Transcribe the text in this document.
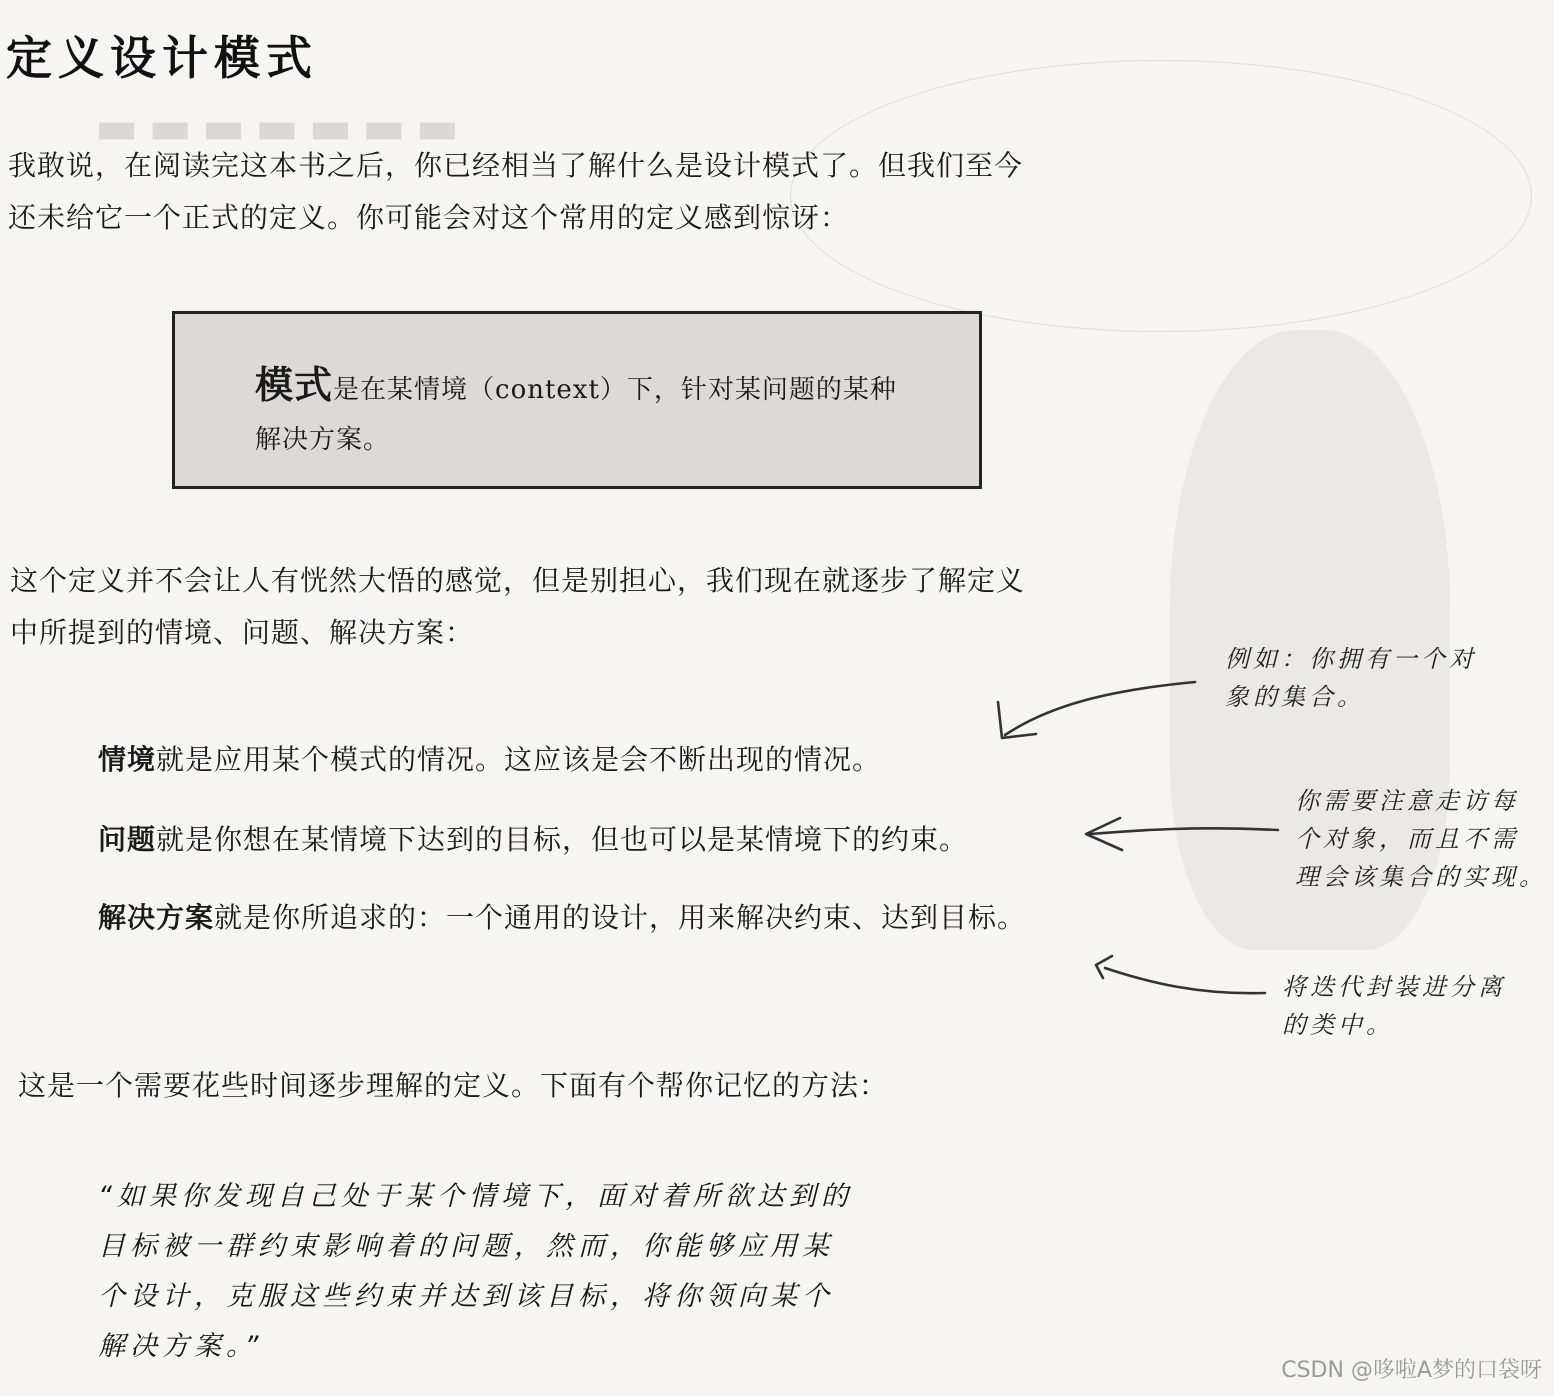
▬▬▬▬▬▬▬
定义设计模式

我敢说，在阅读完这本书之后，你已经相当了解什么是设计模式了。但我们至今
还未给它一个正式的定义。你可能会对这个常用的定义感到惊讶：

模式是在某情境（context）下，针对某问题的某种
解决方案。

这个定义并不会让人有恍然大悟的感觉，但是别担心，我们现在就逐步了解定义
中所提到的情境、问题、解决方案：

情境就是应用某个模式的情况。这应该是会不断出现的情况。

问题就是你想在某情境下达到的目标，但也可以是某情境下的约束。

解决方案就是你所追求的：一个通用的设计，用来解决约束、达到目标。

例如：你拥有一个对
象的集合。

你需要注意走访每
个对象，而且不需
理会该集合的实现。

将迭代封装进分离
的类中。

这是一个需要花些时间逐步理解的定义。下面有个帮你记忆的方法：

“如果你发现自己处于某个情境下，面对着所欲达到的
目标被一群约束影响着的问题，然而，你能够应用某
个设计，克服这些约束并达到该目标，将你领向某个
解决方案。”

CSDN @哆啦A梦的口袋呀
